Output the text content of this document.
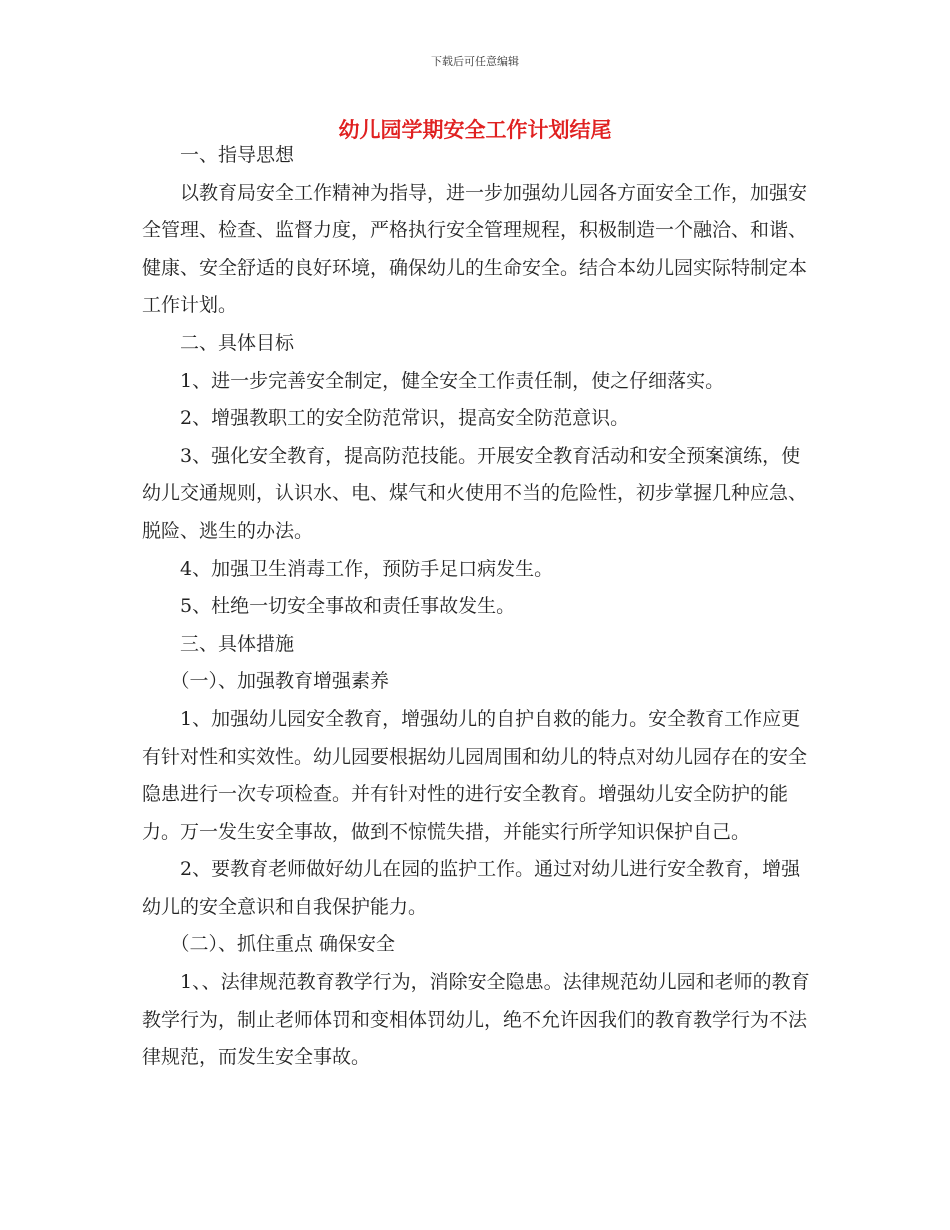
下载后可任意编辑
幼儿园学期安全工作计划结尾

一、指导思想

以教育局安全工作精神为指导，进一步加强幼儿园各方面安全工作，加强安全管理、检查、监督力度，严格执行安全管理规程，积极制造一个融洽、和谐、健康、安全舒适的良好环境，确保幼儿的生命安全。结合本幼儿园实际特制定本工作计划。

二、具体目标

1、进一步完善安全制定，健全安全工作责任制，使之仔细落实。

2、增强教职工的安全防范常识，提高安全防范意识。

3、强化安全教育，提高防范技能。开展安全教育活动和安全预案演练，使幼儿交通规则，认识水、电、煤气和火使用不当的危险性，初步掌握几种应急、脱险、逃生的办法。

4、加强卫生消毒工作，预防手足口病发生。

5、杜绝一切安全事故和责任事故发生。

三、具体措施

（一）、加强教育增强素养

1、加强幼儿园安全教育，增强幼儿的自护自救的能力。安全教育工作应更有针对性和实效性。幼儿园要根据幼儿园周围和幼儿的特点对幼儿园存在的安全隐患进行一次专项检查。并有针对性的进行安全教育。增强幼儿安全防护的能力。万一发生安全事故，做到不惊慌失措，并能实行所学知识保护自己。

2、要教育老师做好幼儿在园的监护工作。通过对幼儿进行安全教育，增强幼儿的安全意识和自我保护能力。

（二）、抓住重点 确保安全

1、、法律规范教育教学行为，消除安全隐患。法律规范幼儿园和老师的教育教学行为，制止老师体罚和变相体罚幼儿，绝不允许因我们的教育教学行为不法律规范，而发生安全事故。
